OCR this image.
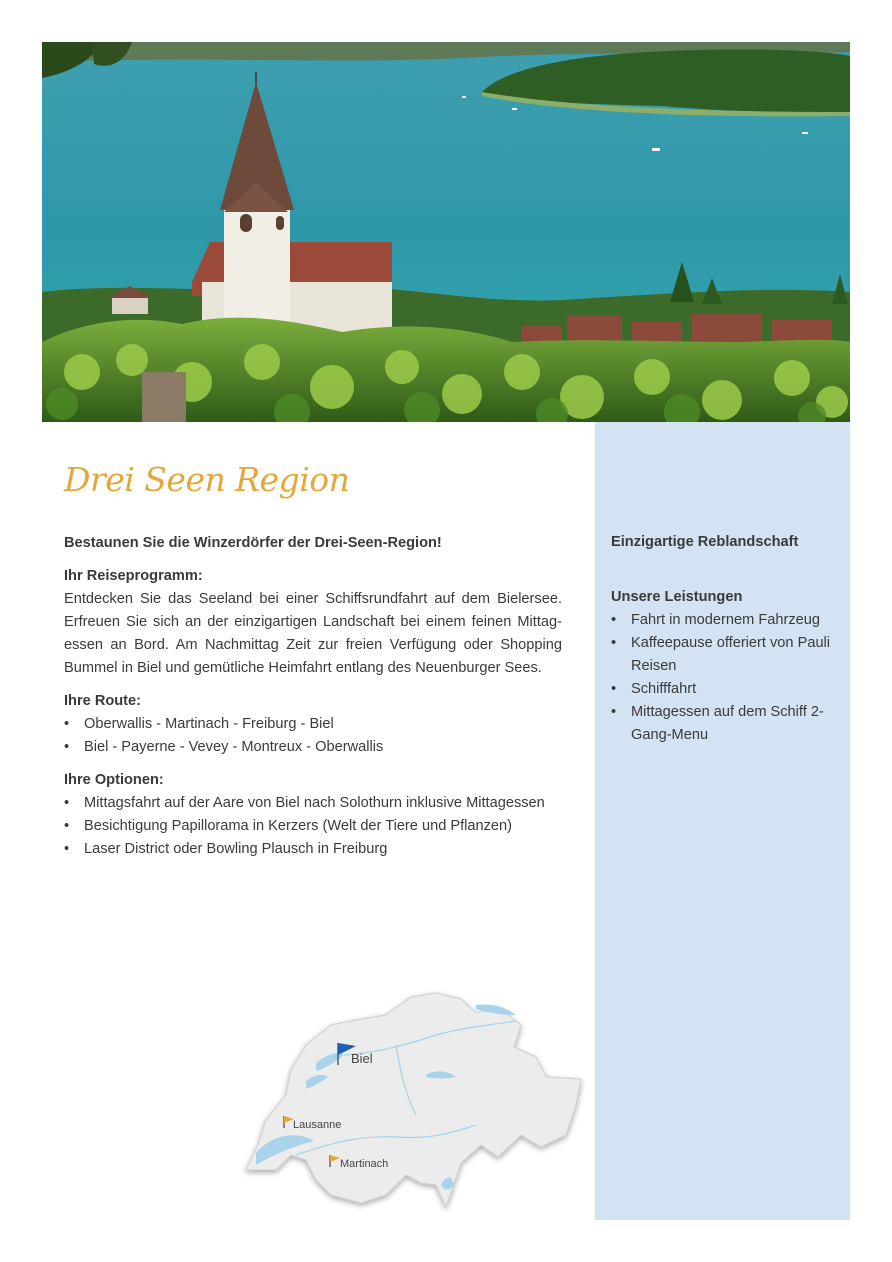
Drei Seen Region

Bestaunen Sie die Winzerdörfer der Drei-Seen-Region!

Ihr Reiseprogramm:

Entdecken Sie das Seeland bei einer Schiffsrundfahrt auf dem Bielersee. Erfreuen Sie sich an der einzigartigen Landschaft bei einem feinen Mittag-essen an Bord. Am Nachmittag Zeit zur freien Verfügung oder Shopping Bummel in Biel und gemütliche Heimfahrt entlang des Neuenburger Sees.

Ihre Route:
• Oberwallis - Martinach - Freiburg - Biel
• Biel - Payerne - Vevey - Montreux - Oberwallis
Ihre Optionen:
• Mittagsfahrt auf der Aare von Biel nach Solothurn inklusive Mittagessen
• Besichtigung Papillorama in Kerzers (Welt der Tiere und Pflanzen)
• Laser District oder Bowling Plausch in Freiburg

Einzigartige Reblandschaft

Unsere Leistungen
• Fahrt in modernem Fahrzeug
• Kaffeepause offeriert von Pauli Reisen
• Schifffahrt
• Mittagessen auf dem Schiff 2-Gang-Menu
Biel
Lausanne
Martinach
